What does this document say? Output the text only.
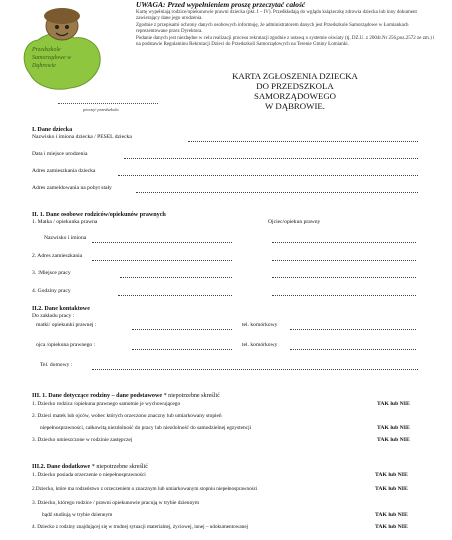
Przedszkole Samorządowe w Dąbrowie
UWAGA: Przed wypełnieniem proszę przeczytać całość

Kartę wypełniają rodzice/opiekunowie prawni dziecka (pkt. I – IV). Przedkładają do wglądu książeczkę zdrowia dziecka lub inny dokument zawierający dane jego urodzenia.

Zgodnie z przepisami ochrony danych osobowych informuję, że administratorem danych jest Przedszkole Samorządowe w Łomiankach reprezentowane przez Dyrektora.

Podanie danych jest niezbędne w celu realizacji procesu rekrutacji zgodnie z ustawą o systemie oświaty (tj. DZ.U. z 2004r.Nr 256,poz.2572 ze zm.) i na podstawie Regulaminu Rekrutacji Dzieci do Przedszkoli Samorządowych na Terenie Gminy Łomianki.

KARTA ZGŁOSZENIA DZIECKA
DO PRZEDSZKOLA SAMORZĄDOWEGO
W DĄBROWIE.
pieczęć przedszkola
I. Dane dziecka
Nazwisko i imiona dziecka / PESEL dziecka
Data i miejsce urodzenia
Adres zamieszkania dziecka
Adres zameldowania na pobyt stały
II. 1. Dane osobowe rodziców/opiekunów prawnych
1. Matka / opiekunka prawna	Ojciec/opiekun prawny
Nazwisko i imiona
2. Adres zamieszkania
3. :Miejsce pracy
4. Godziny pracy
II.2. Dane kontaktowe
Do zakładu pracy :
matki/ opiekunki prawnej :	tel. komórkowy
ojca /opiekuna prawnego :	tel. komórkowy
Tel. domowy :
III. 1. Dane dotyczące rodziny – dane podstawowe * niepotrzebne skreślić
1. Dziecko rodzica /opiekuna prawnego samotnie je wychowującego	TAK lub NIE
2. Dzieci matek lub ojców, wobec których orzeczono znaczny lub umiarkowany stopień
niepełnosprawności, całkowitą niezdolność do pracy lub niezdolność do samodzielnej egzystencji	TAK lub NIE
3. Dziecko umieszczone w rodzinie zastępczej	TAK lub NIE
III.2. Dane dodatkowe * niepotrzebne skreślić
1. Dziecko posiada orzeczenie o niepełnosprawności	TAK lub NIE
2.Dziecko, które ma rodzeństwo z orzeczeniem o znacznym lub umiarkowanym stopniu niepełnosprawności	TAK lub NIE
3. Dziecko, którego rodzice / prawni opiekunowie pracują w trybie dziennym
bądź studiują w trybie dziennym	TAK lub NIE
4. Dziecko z rodziny znajdującej się w trudnej sytuacji materialnej, życiowej, innej – udokumentowanej	TAK lub NIE
